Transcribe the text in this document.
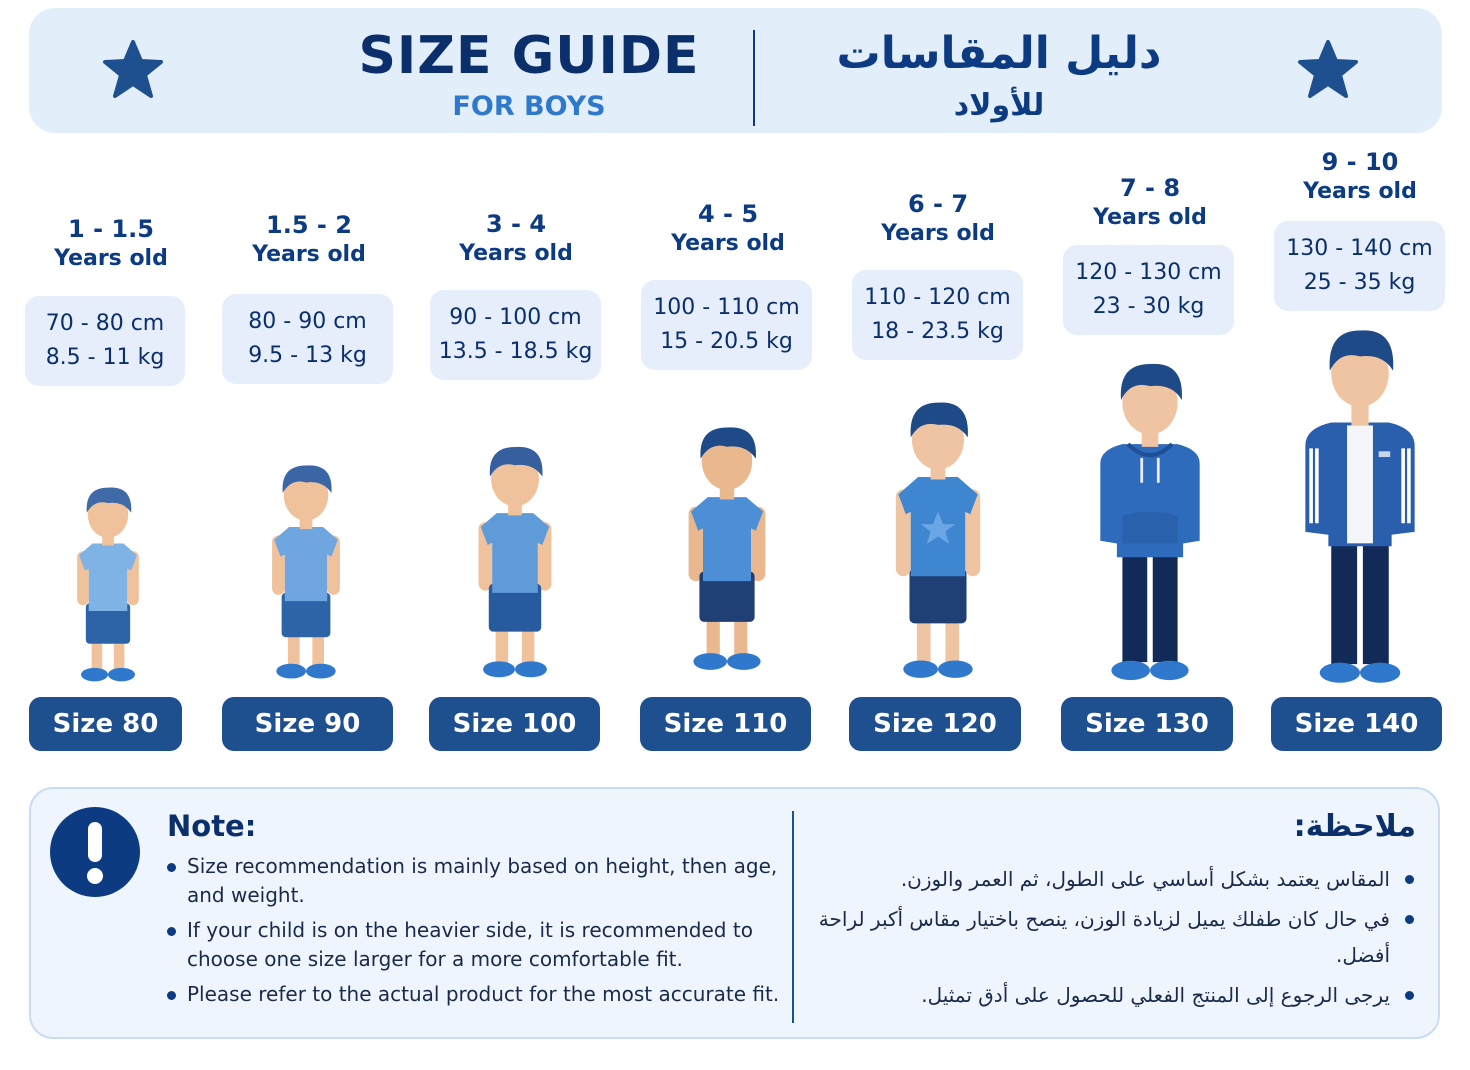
SIZE GUIDE
FOR BOYS
دليل المقاسات
للأولاد
1 - 1.5
Years old
70 - 80 cm
8.5 - 11 kg
Size 80
1.5 - 2
Years old
80 - 90 cm
9.5 - 13 kg
Size 90
3 - 4
Years old
90 - 100 cm
13.5 - 18.5 kg
Size 100
4 - 5
Years old
100 - 110 cm
15 - 20.5 kg
Size 110
6 - 7
Years old
110 - 120 cm
18 - 23.5 kg
Size 120
7 - 8
Years old
120 - 130 cm
23 - 30 kg
Size 130
9 - 10
Years old
130 - 140 cm
25 - 35 kg
Size 140
Note:
Size recommendation is mainly based on height, then age, and weight.
If your child is on the heavier side, it is recommended to choose one size larger for a more comfortable fit.
Please refer to the actual product for the most accurate fit.
ملاحظة:
المقاس يعتمد بشكل أساسي على الطول، ثم العمر والوزن.
في حال كان طفلك يميل لزيادة الوزن، ينصح باختيار مقاس أكبر لراحة أفضل.
يرجى الرجوع إلى المنتج الفعلي للحصول على أدق تمثيل.
